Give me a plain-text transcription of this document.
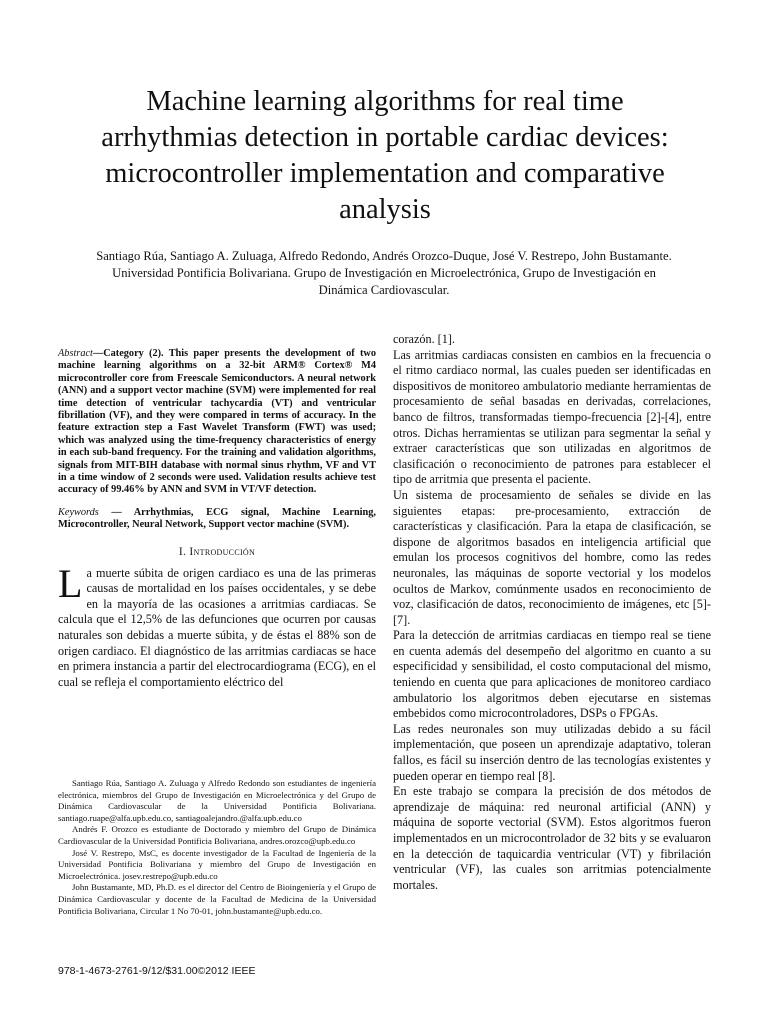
Machine learning algorithms for real time arrhythmias detection in portable cardiac devices: microcontroller implementation and comparative analysis
Santiago Rúa, Santiago A. Zuluaga, Alfredo Redondo, Andrés Orozco-Duque, José V. Restrepo, John Bustamante. Universidad Pontificia Bolivariana. Grupo de Investigación en Microelectrónica, Grupo de Investigación en Dinámica Cardiovascular.

Abstract—Category (2). This paper presents the development of two machine learning algorithms on a 32-bit ARM® Cortex® M4 microcontroller core from Freescale Semiconductors. A neural network (ANN) and a support vector machine (SVM) were implemented for real time detection of ventricular tachycardia (VT) and ventricular fibrillation (VF), and they were compared in terms of accuracy. In the feature extraction step a Fast Wavelet Transform (FWT) was used; which was analyzed using the time-frequency characteristics of energy in each sub-band frequency. For the training and validation algorithms, signals from MIT-BIH database with normal sinus rhythm, VF and VT in a time window of 2 seconds were used. Validation results achieve test accuracy of 99.46% by ANN and SVM in VT/VF detection.

Keywords — Arrhythmias, ECG signal, Machine Learning, Microcontroller, Neural Network, Support vector machine (SVM).

I. Introducción

La muerte súbita de origen cardiaco es una de las primeras causas de mortalidad en los países occidentales, y se debe en la mayoría de las ocasiones a arritmias cardiacas. Se calcula que el 12,5% de las defunciones que ocurren por causas naturales son debidas a muerte súbita, y de éstas el 88% son de origen cardiaco. El diagnóstico de las arritmias cardiacas se hace en primera instancia a partir del electrocardiograma (ECG), en el cual se refleja el comportamiento eléctrico del

Santiago Rúa, Santiago A. Zuluaga y Alfredo Redondo son estudiantes de ingeniería electrónica, miembros del Grupo de Investigación en Microelectrónica y del Grupo de Dinámica Cardiovascular de la Universidad Pontificia Bolivariana. santiago.ruape@alfa.upb.edu.co, santiagoalejandro.@alfa.upb.edu.co

Andrés F. Orozco es estudiante de Doctorado y miembro del Grupo de Dinámica Cardiovascular de la Universidad Pontificia Bolivariana, andres.orozco@upb.edu.co

José V. Restrepo, MsC, es docente investigador de la Facultad de Ingeniería de la Universidad Pontificia Bolivariana y miembro del Grupo de Investigación en Microelectrónica. josev.restrepo@upb.edu.co

John Bustamante, MD, Ph.D. es el director del Centro de Bioingeniería y el Grupo de Dinámica Cardiovascular y docente de la Facultad de Medicina de la Universidad Pontificia Bolivariana, Circular 1 No 70-01, john.bustamante@upb.edu.co.

978-1-4673-2761-9/12/$31.00©2012 IEEE

corazón. [1].

Las arritmias cardiacas consisten en cambios en la frecuencia o el ritmo cardiaco normal, las cuales pueden ser identificadas en dispositivos de monitoreo ambulatorio mediante herramientas de procesamiento de señal basadas en derivadas, correlaciones, banco de filtros, transformadas tiempo-frecuencia [2]-[4], entre otros. Dichas herramientas se utilizan para segmentar la señal y extraer características que son utilizadas en algoritmos de clasificación o reconocimiento de patrones para establecer el tipo de arritmia que presenta el paciente.

Un sistema de procesamiento de señales se divide en las siguientes etapas: pre-procesamiento, extracción de características y clasificación. Para la etapa de clasificación, se dispone de algoritmos basados en inteligencia artificial que emulan los procesos cognitivos del hombre, como las redes neuronales, las máquinas de soporte vectorial y los modelos ocultos de Markov, comúnmente usados en reconocimiento de voz, clasificación de datos, reconocimiento de imágenes, etc [5]-[7].

Para la detección de arritmias cardiacas en tiempo real se tiene en cuenta además del desempeño del algoritmo en cuanto a su especificidad y sensibilidad, el costo computacional del mismo, teniendo en cuenta que para aplicaciones de monitoreo cardiaco ambulatorio los algoritmos deben ejecutarse en sistemas embebidos como microcontroladores, DSPs o FPGAs.

Las redes neuronales son muy utilizadas debido a su fácil implementación, que poseen un aprendizaje adaptativo, toleran fallos, es fácil su inserción dentro de las tecnologías existentes y pueden operar en tiempo real [8].

En este trabajo se compara la precisión de dos métodos de aprendizaje de máquina: red neuronal artificial (ANN) y máquina de soporte vectorial (SVM). Estos algoritmos fueron implementados en un microcontrolador de 32 bits y se evaluaron en la detección de taquicardia ventricular (VT) y fibrilación ventricular (VF), las cuales son arritmias potencialmente mortales.
